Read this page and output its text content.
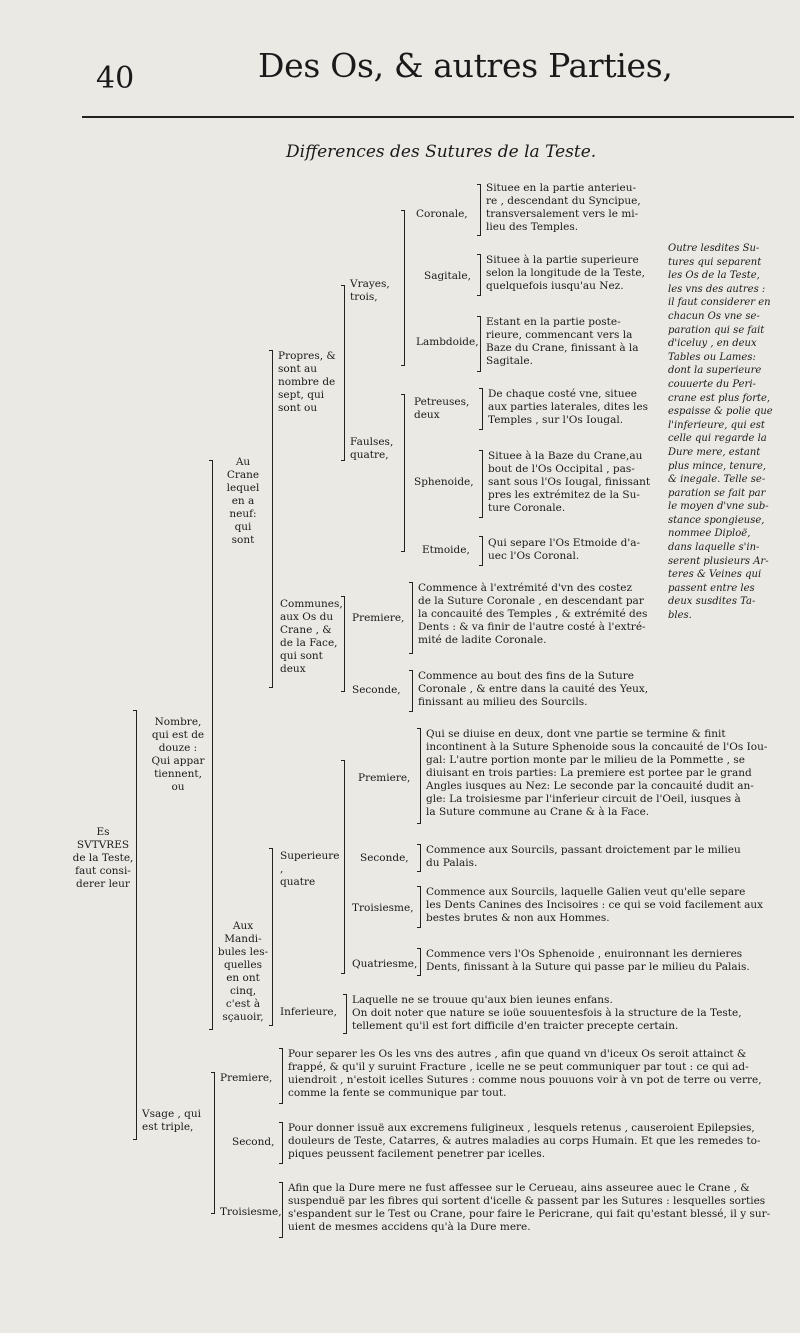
40	Des Os, & autres Parties,
Differences des Sutures de la Teste.
Es
SVTVRES
de la Teste,
faut consi-
derer leur
Nombre,
qui est de
douze :
Qui appar
tiennent,
ou
Vsage , qui
est triple,
Au
Crane
lequel
en a
neuf:
qui
sont
Aux
Mandi-
bules les-
quelles
en ont
cinq,
c'est à
sçauoir,
Propres, &
sont au
nombre de
sept, qui
sont ou
Communes,
aux Os du
Crane , &
de la Face,
qui sont
deux
Superieure ,
quatre
Inferieure,
Vrayes,
trois,
Faulses,
quatre,
Coronale,
Situee en la partie anterieu-
re , descendant du Syncipue,
transversalement vers le mi-
lieu des Temples.
Sagitale,
Situee à la partie superieure
selon la longitude de la Teste,
quelquefois iusqu'au Nez.
Lambdoide,
Estant en la partie poste-
rieure, commencant vers la
Baze du Crane, finissant à la
Sagitale.
Petreuses,
deux
De chaque costé vne, situee
aux parties laterales, dites les
Temples , sur l'Os Iougal.
Sphenoide,
Situee à la Baze du Crane,au
bout de l'Os Occipital , pas-
sant sous l'Os Iougal, finissant
pres les extrémitez de la Su-
ture Coronale.
Etmoide,
Qui separe l'Os Etmoide d'a-
uec l'Os Coronal.
Premiere,
Commence à l'extrémité d'vn des costez
de la Suture Coronale , en descendant par
la concauité des Temples , & extrémité des
Dents : & va finir de l'autre costé à l'extré-
mité de ladite Coronale.
Seconde,
Commence au bout des fins de la Suture
Coronale , & entre dans la cauité des Yeux,
finissant au milieu des Sourcils.
Outre lesdites Su-
tures qui separent
les Os de la Teste,
les vns des autres :
il faut considerer en
chacun Os vne se-
paration qui se fait
d'iceluy , en deux
Tables ou Lames:
dont la superieure
couuerte du Peri-
crane est plus forte,
espaisse & polie que
l'inferieure, qui est
celle qui regarde la
Dure mere, estant
plus mince, tenure,
& inegale. Telle se-
paration se fait par
le moyen d'vne sub-
stance spongieuse,
nommee Diploë,
dans laquelle s'in-
serent plusieurs Ar-
teres & Veines qui
passent entre les
deux susdites Ta-
bles.
Premiere,
Qui se diuise en deux, dont vne partie se termine & finit
incontinent à la Suture Sphenoide sous la concauité de l'Os Iou-
gal: L'autre portion monte par le milieu de la Pommette , se
diuisant en trois parties: La premiere est portee par le grand
Angles iusques au Nez: Le seconde par la concauité dudit an-
gle: La troisiesme par l'inferieur circuit de l'Oeil, iusques à
la Suture commune au Crane & à la Face.
Seconde,
Commence aux Sourcils, passant droictement par le milieu
du Palais.
Troisiesme,
Commence aux Sourcils, laquelle Galien veut qu'elle separe
les Dents Canines des Incisoires : ce qui se void facilement aux
bestes brutes & non aux Hommes.
Quatriesme,
Commence vers l'Os Sphenoide , enuironnant les dernieres
Dents, finissant à la Suture qui passe par le milieu du Palais.
Laquelle ne se trouue qu'aux bien ieunes enfans.
On doit noter que nature se ioüe souuentesfois à la structure de la Teste,
tellement qu'il est fort difficile d'en traicter precepte certain.
Premiere,
Pour separer les Os les vns des autres , afin que quand vn d'iceux Os seroit attainct &
frappé, & qu'il y suruint Fracture , icelle ne se peut communiquer par tout : ce qui ad-
uiendroit , n'estoit icelles Sutures : comme nous pouuons voir à vn pot de terre ou verre,
comme la fente se communique par tout.
Second,
Pour donner issuë aux excremens fuligineux , lesquels retenus , causeroient Epilepsies,
douleurs de Teste, Catarres, & autres maladies au corps Humain. Et que les remedes to-
piques peussent facilement penetrer par icelles.
Troisiesme,
Afin que la Dure mere ne fust affessee sur le Cerueau, ains asseuree auec le Crane , &
suspenduë par les fibres qui sortent d'icelle & passent par les Sutures : lesquelles sorties
s'espandent sur le Test ou Crane, pour faire le Pericrane, qui fait qu'estant blessé, il y sur-
uient de mesmes accidens qu'à la Dure mere.
